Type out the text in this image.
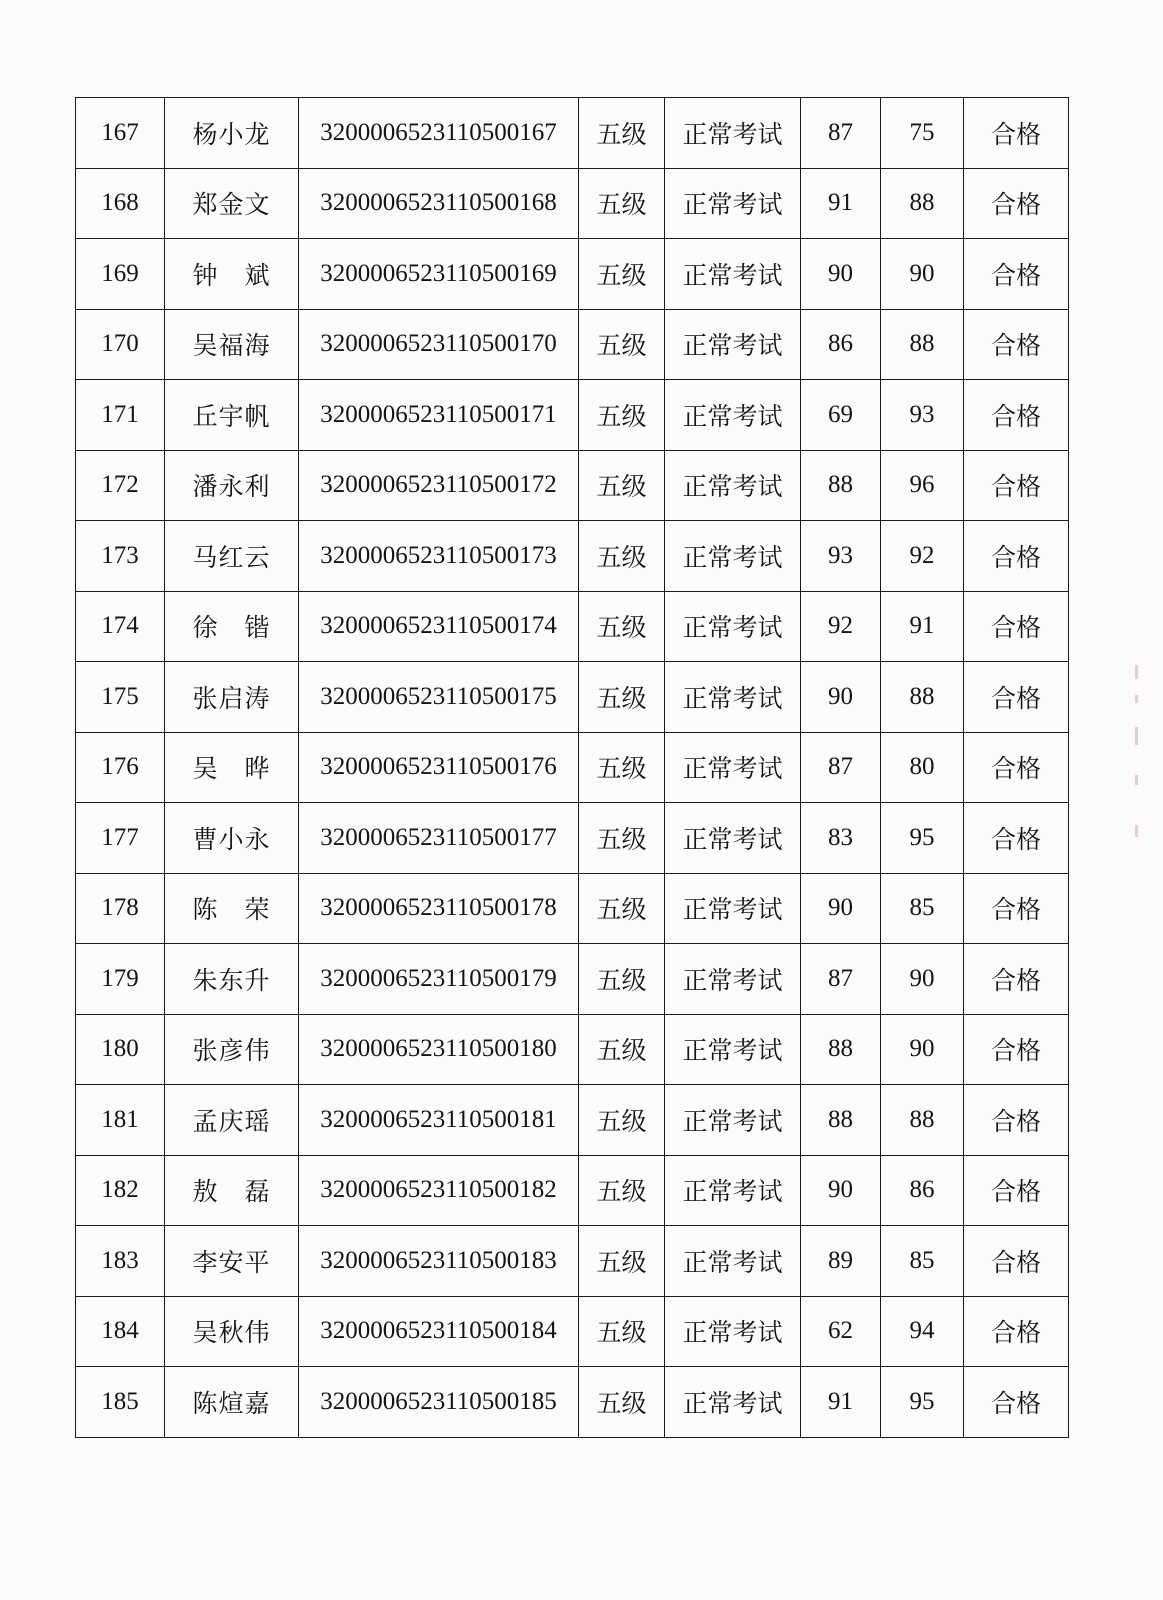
167	杨小龙	3200006523110500167	五级	正常考试	87	75	合格
168	郑金文	3200006523110500168	五级	正常考试	91	88	合格
169	钟　斌	3200006523110500169	五级	正常考试	90	90	合格
170	吴福海	3200006523110500170	五级	正常考试	86	88	合格
171	丘宇帆	3200006523110500171	五级	正常考试	69	93	合格
172	潘永利	3200006523110500172	五级	正常考试	88	96	合格
173	马红云	3200006523110500173	五级	正常考试	93	92	合格
174	徐　锴	3200006523110500174	五级	正常考试	92	91	合格
175	张启涛	3200006523110500175	五级	正常考试	90	88	合格
176	吴　晔	3200006523110500176	五级	正常考试	87	80	合格
177	曹小永	3200006523110500177	五级	正常考试	83	95	合格
178	陈　荣	3200006523110500178	五级	正常考试	90	85	合格
179	朱东升	3200006523110500179	五级	正常考试	87	90	合格
180	张彦伟	3200006523110500180	五级	正常考试	88	90	合格
181	孟庆瑶	3200006523110500181	五级	正常考试	88	88	合格
182	敖　磊	3200006523110500182	五级	正常考试	90	86	合格
183	李安平	3200006523110500183	五级	正常考试	89	85	合格
184	吴秋伟	3200006523110500184	五级	正常考试	62	94	合格
185	陈煊嘉	3200006523110500185	五级	正常考试	91	95	合格
